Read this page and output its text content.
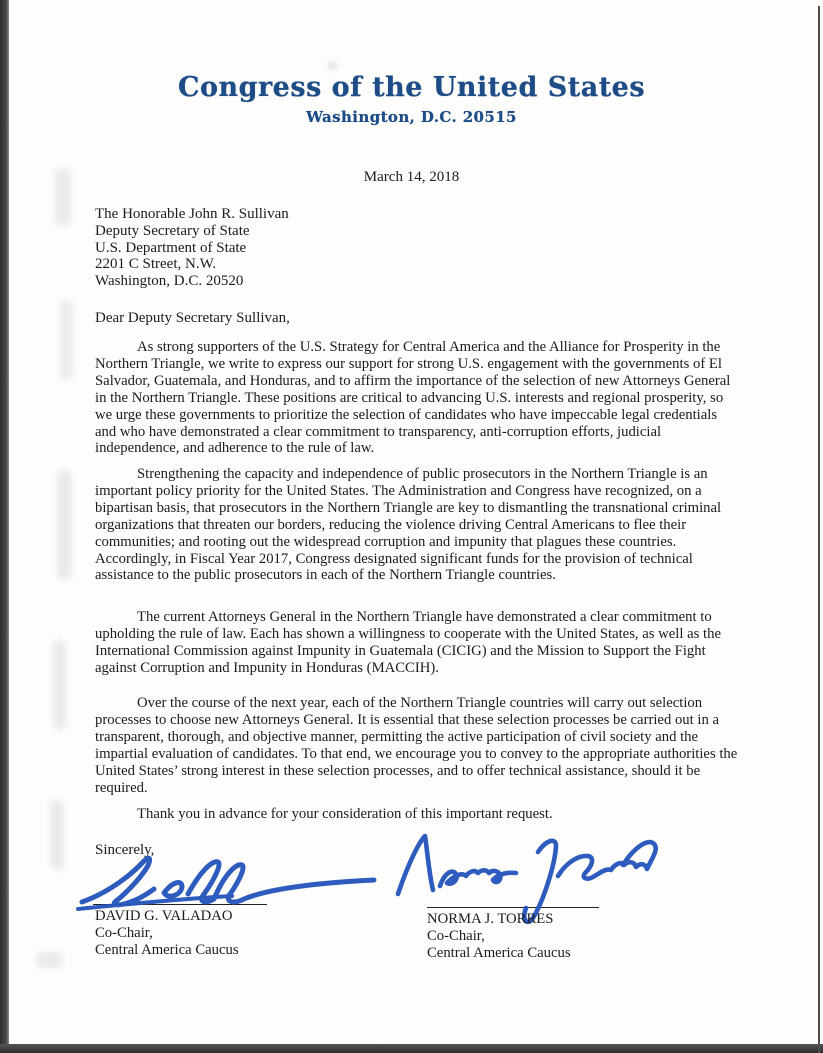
Congress of the United States
Washington, D.C. 20515
March 14, 2018
The Honorable John R. Sullivan
Deputy Secretary of State
U.S. Department of State
2201 C Street, N.W.
Washington, D.C. 20520
Dear Deputy Secretary Sullivan,
As strong supporters of the U.S. Strategy for Central America and the Alliance for Prosperity in the Northern Triangle, we write to express our support for strong U.S. engagement with the governments of El Salvador, Guatemala, and Honduras, and to affirm the importance of the selection of new Attorneys General in the Northern Triangle. These positions are critical to advancing U.S. interests and regional prosperity, so we urge these governments to prioritize the selection of candidates who have impeccable legal credentials and who have demonstrated a clear commitment to transparency, anti-corruption efforts, judicial independence, and adherence to the rule of law.
Strengthening the capacity and independence of public prosecutors in the Northern Triangle is an important policy priority for the United States. The Administration and Congress have recognized, on a bipartisan basis, that prosecutors in the Northern Triangle are key to dismantling the transnational criminal organizations that threaten our borders, reducing the violence driving Central Americans to flee their communities; and rooting out the widespread corruption and impunity that plagues these countries. Accordingly, in Fiscal Year 2017, Congress designated significant funds for the provision of technical assistance to the public prosecutors in each of the Northern Triangle countries.
The current Attorneys General in the Northern Triangle have demonstrated a clear commitment to upholding the rule of law. Each has shown a willingness to cooperate with the United States, as well as the International Commission against Impunity in Guatemala (CICIG) and the Mission to Support the Fight against Corruption and Impunity in Honduras (MACCIH).
Over the course of the next year, each of the Northern Triangle countries will carry out selection processes to choose new Attorneys General. It is essential that these selection processes be carried out in a transparent, thorough, and objective manner, permitting the active participation of civil society and the impartial evaluation of candidates. To that end, we encourage you to convey to the appropriate authorities the United States’ strong interest in these selection processes, and to offer technical assistance, should it be required.
Thank you in advance for your consideration of this important request.
Sincerely,
DAVID G. VALADAO
Co-Chair,
Central America Caucus
NORMA J. TORRES
Co-Chair,
Central America Caucus
